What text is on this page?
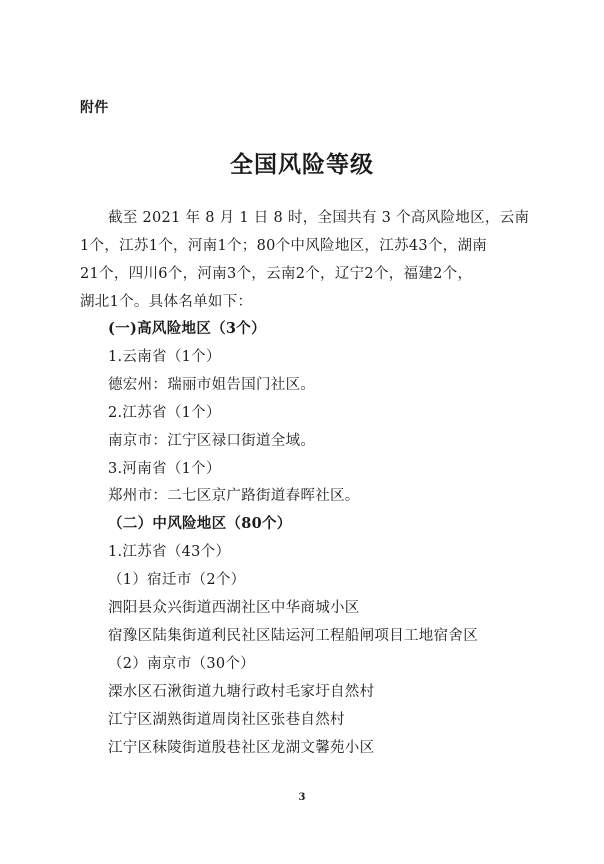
附件
全国风险等级
截至 2021 年 8 月 1 日 8 时，全国共有 3 个高风险地区，云南
1个，江苏1个，河南1个；80个中风险地区，江苏43个，湖南
21个，四川6个，河南3个，云南2个，辽宁2个，福建2个，
湖北1个。具体名单如下：
(一)高风险地区（3个）
1.云南省（1个）
德宏州：瑞丽市姐告国门社区。
2.江苏省（1个）
南京市：江宁区禄口街道全域。
3.河南省（1个）
郑州市：二七区京广路街道春晖社区。
（二）中风险地区（80个）
1.江苏省（43个）
（1）宿迁市（2个）
泗阳县众兴街道西湖社区中华商城小区
宿豫区陆集街道利民社区陆运河工程船闸项目工地宿舍区
（2）南京市（30个）
溧水区石湫街道九塘行政村毛家圩自然村
江宁区湖熟街道周岗社区张巷自然村
江宁区秣陵街道殷巷社区龙湖文馨苑小区
3
